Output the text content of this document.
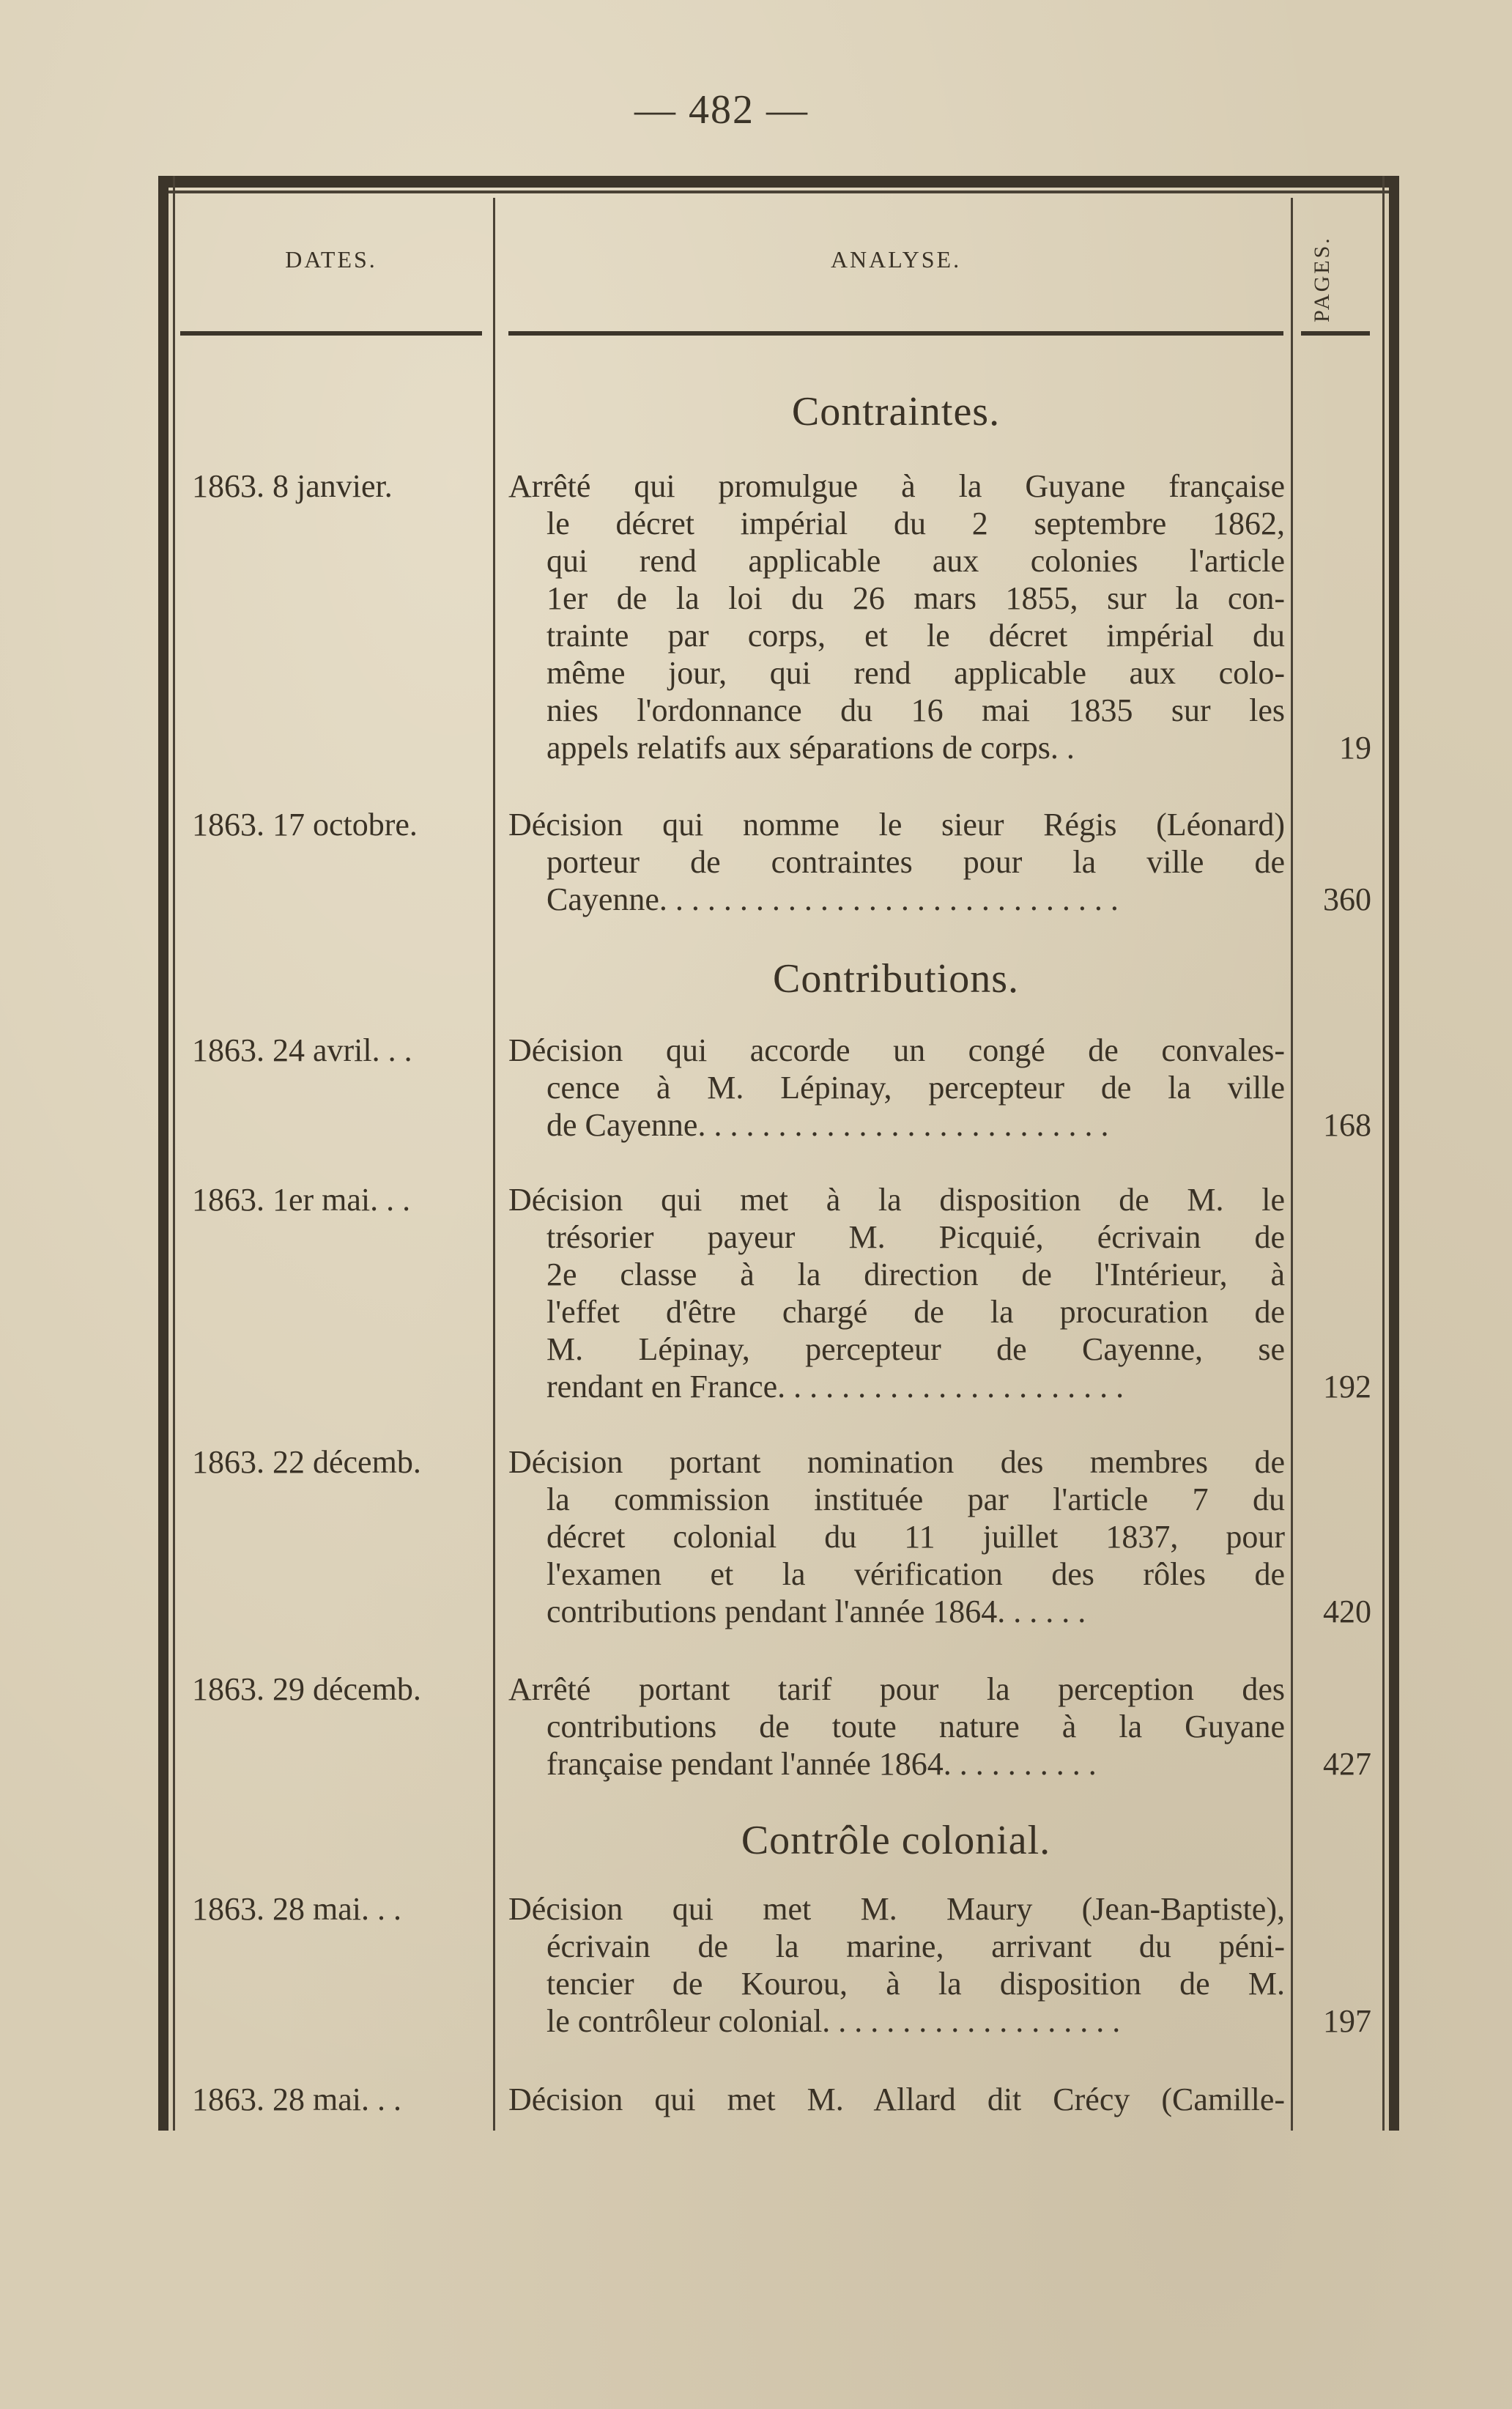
— 482 —
DATES.	ANALYSE.	PAGES.
Contraintes.
1863. 8 janvier.	Arrêté qui promulgue à la Guyane française
le décret impérial du 2 septembre 1862,
qui rend applicable aux colonies l'article
1er de la loi du 26 mars 1855, sur la con-
trainte par corps, et le décret impérial du
même jour, qui rend applicable aux colo-
nies l'ordonnance du 16 mai 1835 sur les
appels relatifs aux séparations de corps. .	19
1863. 17 octobre.	Décision qui nomme le sieur Régis (Léonard)
porteur de contraintes pour la ville de
Cayenne. . . . . . . . . . . . . . . . . . . . . . . . . . . . .	360
Contributions.
1863. 24 avril. . .	Décision qui accorde un congé de convales-
cence à M. Lépinay, percepteur de la ville
de Cayenne. . . . . . . . . . . . . . . . . . . . . . . . . .	168
1863. 1er mai. . .	Décision qui met à la disposition de M. le
trésorier payeur M. Picquié, écrivain de
2e classe à la direction de l'Intérieur, à
l'effet d'être chargé de la procuration de
M. Lépinay, percepteur de Cayenne, se
rendant en France. . . . . . . . . . . . . . . . . . . . . .	192
1863. 22 décemb.	Décision portant nomination des membres de
la commission instituée par l'article 7 du
décret colonial du 11 juillet 1837, pour
l'examen et la vérification des rôles de
contributions pendant l'année 1864. . . . . .	420
1863. 29 décemb.	Arrêté portant tarif pour la perception des
contributions de toute nature à la Guyane
française pendant l'année 1864. . . . . . . . . .	427
Contrôle colonial.
1863. 28 mai. . .	Décision qui met M. Maury (Jean-Baptiste),
écrivain de la marine, arrivant du péni-
tencier de Kourou, à la disposition de M.
le contrôleur colonial. . . . . . . . . . . . . . . . . . .	197
1863. 28 mai. . .	Décision qui met M. Allard dit Crécy (Camille-
